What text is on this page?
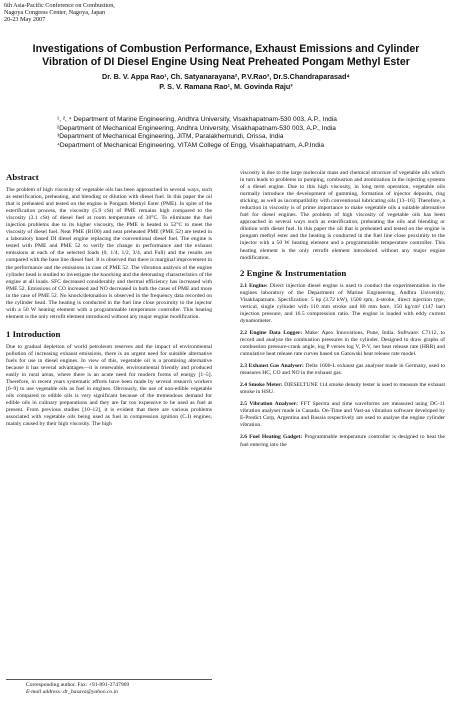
6th Asia-Pacific Conference on Combustion,
Nagoya Congress Center, Nagoya, Japan
20-23 May 2007
Investigations of Combustion Performance, Exhaust Emissions and Cylinder
Vibration of DI Diesel Engine Using Neat Preheated Pongam Methyl Ester
Dr. B. V. Appa Rao¹, Ch. Satyanarayana², P.V.Rao³, Dr.S.Chandraparasad⁴
P. S. V. Ramana Rao¹, M. Govinda Raju³
¹, ², ⁴ Department of Marine Engineering, Andhra University, Visakhapatnam-530 003, A.P., India
²Department of Mechanical Engineering, Andhra University, Visakhapatnam-530 003, A.P., India
³Department of Mechanical Engineering, JITM, Paralakhemundi, Orissa, India
⁴Department of Mechanical Engineering, VITAM College of Engg, Visakhapatnam, A.P.India
Abstract

The problem of high viscosity of vegetable oils has been approached in several ways, such as esterification, preheating, and blending or dilution with diesel fuel. In this paper the oil that is preheated and tested on the engine is Pongam Methyl Ester (PME). In spite of the esterification process, the viscosity (5.9 cSt) of PME remains high compared to the viscosity (3.1 cSt) of diesel fuel at room temperature of 30°C. To eliminate the fuel injection problems due to its higher viscosity, the PME is heated to 52°C to meet the viscosity of diesel fuel. Neat PME (B100) and neat preheated PME (PME 52) are tested in a laboratory based DI diesel engine replacing the conventional diesel fuel. The engine is tested with PME and PME 52 to verify the change in performance and the exhaust emissions at each of the selected loads (0, 1/4, 1/2, 3/4, and Full) and the results are compared with the base line diesel fuel. It is observed that there is marginal improvement in the performance and the emissions in case of PME 52. The vibration analysis of the engine cylinder head is studied to investigate the knocking and the detonating characteristics of the engine at all loads. SFC decreased considerably and thermal efficiency has increased with PME 52. Emissions of CO increased and NO decreased in both the cases of PME and more in the case of PME 52. No knock/detonation is observed in the frequency data recorded on the cylinder head. The heating is conducted in the fuel line close proximity to the injector with a 50 W heating element with a programmable temperature controller. This heating element is the only retrofit element introduced without any major engine modification.

1 Introduction

Due to gradual depletion of world petroleum reserves and the impact of environmental pollution of increasing exhaust emissions, there is an urgent need for suitable alternative fuels for use in diesel engines. In view of this, vegetable oil is a promising alternative because it has several advantages—it is renewable, environmental friendly and produced easily in rural areas, where there is an acute need for modern forms of energy [1–5]. Therefore, in recent years systematic efforts have been made by several research workers [6–9] to use vegetable oils as fuel in engines. Obviously, the use of non-edible vegetable oils compared to edible oils is very significant because of the tremendous demand for edible oils in culinary preparations and they are far too expensive to be used as fuel at present. From previous studies [10–12], it is evident that there are various problems associated with vegetable oils being used as fuel in compression ignition (C.I) engines, mainly caused by their high viscosity. The high

viscosity is due to the large molecular mass and chemical structure of vegetable oils which in turn leads to problems in pumping, combustion and atomization in the injecting systems of a diesel engine. Due to this high viscosity, in long term operation, vegetable oils normally introduce the development of gumming, formation of injector deposits, ring sticking, as well as incompatibility with conventional lubricating oils [13–16]. Therefore, a reduction in viscosity is of prime importance to make vegetable oils a suitable alternative fuel for diesel engines. The problem of high viscosity of vegetable oils has been approached in several ways such as esterification, preheating the oils and blending or dilution with diesel fuel. In this paper the oil that is preheated and tested on the engine is pongam methyl ester and the heating is conducted in the fuel line close proximity to the injector with a 50 W heating element and a programmable temperature controller. This heating element is the only retrofit element introduced without any major engine modification.

2 Engine & Instrumentation

2.1 Engine: Direct injection diesel engine is used to conduct the experimentation in the engines laboratory of the Department of Marine Engineering, Andhra University, Visakhapatnam. Specification: 5 hp (3.72 kW), 1500 rpm, 4-stroke, direct injection type, vertical, single cylinder with 110 mm stroke and 80 mm bore, 150 kg/cm² (147 bar) injection pressure, and 16.5 compression ratio. The engine is loaded with eddy current dynamometer.

2.2 Engine Data Logger: Make: Apex Innovations, Pune, India. Software: C7112, to record and analyse the combustion pressures in the cylinder. Designed to draw graphs of combustion pressure-crank angle, log P verses log V, P-V, net heat release rate (HRR) and cumulative heat release rate curves based on Gatowski heat release rate model.

2.3 Exhaust Gas Analyser: Delta 1600-L exhaust gas analyser made in Germany, used to measures HC, CO and NO in the exhaust gas.

2.4 Smoke Meter: DIESELTUNE 114 smoke density tester is used to measure the exhaust smoke in HSU.

2.5 Vibration Analyser: FFT Spectra and time waveforms are measured using DC-11 vibration analyser made in Canada. On-Time and Vast-an vibration software developed by E-Predict Corp, Argentina and Russia respectively are used to analyse the engine cylinder vibration.

2.6 Fuel Heating Gadget: Programmable temperature controller is designed to heat the fuel entering into the

Corresponding author. Fax: +91-891-2747969
E-mail address: dr_basava@yahoo.co.in
